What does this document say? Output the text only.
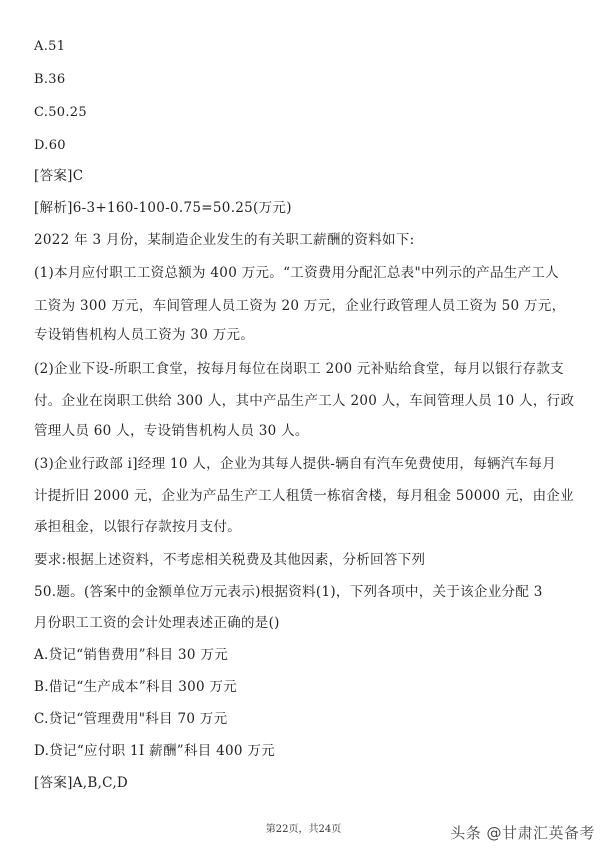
A.51
B.36
C.50.25
D.60
[答案]C
[解析]6-3+160-100-0.75=50.25(万元)
2022 年 3 月份，某制造企业发生的有关职工薪酬的资料如下:
(1)本月应付职工工资总额为 400 万元。“工资费用分配汇总表"中列示的产品生产工人
工资为 300 万元，车间管理人员工资为 20 万元，企业行政管理人员工资为 50 万元，
专设销售机构人员工资为 30 万元。
(2)企业下设-所职工食堂，按每月每位在岗职工 200 元补贴给食堂，每月以银行存款支
付。企业在岗职工供给 300 人，其中产品生产工人 200 人，车间管理人员 10 人，行政
管理人员 60 人，专设销售机构人员 30 人。
(3)企业行政部 i]经理 10 人，企业为其每人提供-辆自有汽车免费使用，每辆汽车每月
计提折旧 2000 元，企业为产品生产工人租赁一栋宿舍楼，每月租金 50000 元，由企业
承担租金，以银行存款按月支付。
要求:根据上述资料，不考虑相关税费及其他因素，分析回答下列
50.题。(答案中的金额单位万元表示)根据资料(1)，下列各项中，关于该企业分配 3
月份职工工资的会计处理表述正确的是()
A.贷记“销售费用”科目 30 万元
B.借记“生产成本”科目 300 万元
C.贷记“管理费用"科目 70 万元
D.贷记“应付职 1I 薪酬”科目 400 万元
[答案]A,B,C,D
第22页，共24页	头条 @甘肃汇英备考
